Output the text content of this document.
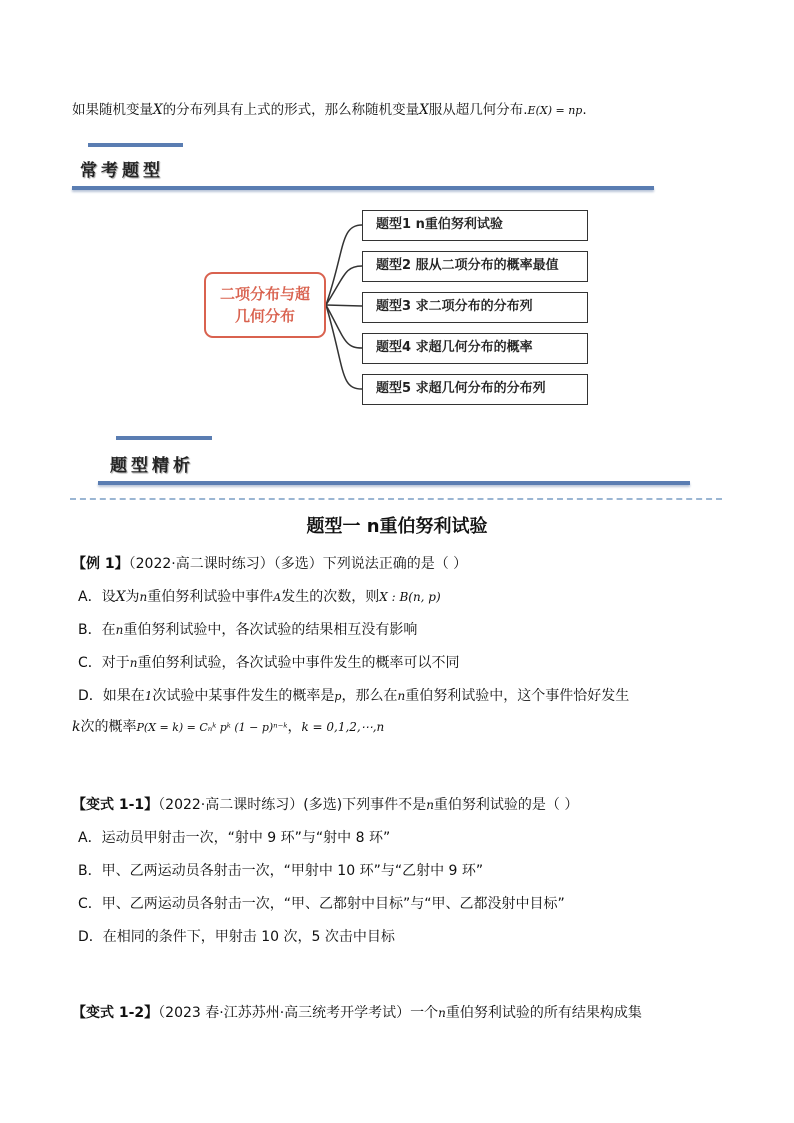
如果随机变量X的分布列具有上式的形式，那么称随机变量X服从超几何分布.E(X) = np.
常考题型
二项分布与超
几何分布
题型1 n重伯努利试验
题型2 服从二项分布的概率最值
题型3 求二项分布的分布列
题型4 求超几何分布的概率
题型5 求超几何分布的分布列
题型精析
题型一 n重伯努利试验
【例 1】（2022·高二课时练习）（多选）下列说法正确的是（ ）
A．设X为n重伯努利试验中事件A发生的次数，则X : B(n, p)
B．在n重伯努利试验中，各次试验的结果相互没有影响
C．对于n重伯努利试验，各次试验中事件发生的概率可以不同
D．如果在1次试验中某事件发生的概率是p，那么在n重伯努利试验中，这个事件恰好发生
k次的概率P(X = k) = Cₙᵏ pᵏ (1 − p)ⁿ⁻ᵏ，k = 0,1,2,⋯,n
【变式 1-1】（2022·高二课时练习）(多选)下列事件不是n重伯努利试验的是（ ）
A．运动员甲射击一次，“射中 9 环”与“射中 8 环”
B．甲、乙两运动员各射击一次，“甲射中 10 环”与“乙射中 9 环”
C．甲、乙两运动员各射击一次，“甲、乙都射中目标”与“甲、乙都没射中目标”
D．在相同的条件下，甲射击 10 次，5 次击中目标
【变式 1-2】（2023 春·江苏苏州·高三统考开学考试）一个n重伯努利试验的所有结果构成集
